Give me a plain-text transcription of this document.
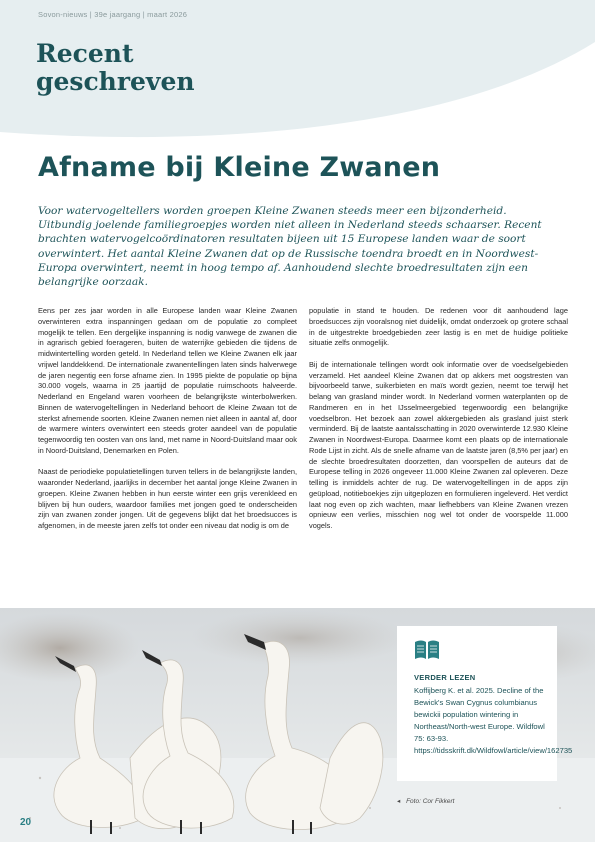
Sovon-nieuws | 39e jaargang | maart 2026
Recent
geschreven
Afname bij Kleine Zwanen

Voor watervogeltellers worden groepen Kleine Zwanen steeds meer een bijzonderheid. Uitbundig joelende familiegroepjes worden niet alleen in Nederland steeds schaarser. Recent brachten watervogelcoördinatoren resultaten bijeen uit 15 Europese landen waar de soort overwintert. Het aantal Kleine Zwanen dat op de Russische toendra broedt en in Noordwest-Europa overwintert, neemt in hoog tempo af. Aanhoudend slechte broedresultaten zijn een belangrijke oorzaak.

Eens per zes jaar worden in alle Europese landen waar Kleine Zwanen overwinteren extra inspanningen gedaan om de populatie zo compleet mogelijk te tellen. Een dergelijke inspanning is nodig vanwege de zwanen die in agrarisch gebied foerageren, buiten de waterrijke gebieden die tijdens de midwintertelling worden geteld. In Nederland tellen we Kleine Zwanen elk jaar vrijwel landdekkend. De internationale zwanentellingen laten sinds halverwege de jaren negentig een forse afname zien. In 1995 piekte de populatie op bijna 30.000 vogels, waarna in 25 jaartijd de populatie ruimschoots halveerde. Nederland en Engeland waren voorheen de belangrijkste winterbolwerken. Binnen de watervogeltellingen in Nederland behoort de Kleine Zwaan tot de sterkst afnemende soorten. Kleine Zwanen nemen niet alleen in aantal af, door de warmere winters overwintert een steeds groter aandeel van de populatie tegenwoordig ten oosten van ons land, met name in Noord-Duitsland maar ook in Noord-Duitsland, Denemarken en Polen.

Naast de periodieke populatietellingen turven tellers in de belangrijkste landen, waaronder Nederland, jaarlijks in december het aantal jonge Kleine Zwanen in groepen. Kleine Zwanen hebben in hun eerste winter een grijs verenkleed en blijven bij hun ouders, waardoor families met jongen goed te onderscheiden zijn van zwanen zonder jongen. Uit de gegevens blijkt dat het broedsucces is afgenomen, in de meeste jaren zelfs tot onder een niveau dat nodig is om de

populatie in stand te houden. De redenen voor dit aanhoudend lage broedsucces zijn vooralsnog niet duidelijk, omdat onderzoek op grotere schaal in de uitgestrekte broedgebieden zeer lastig is en met de huidige politieke situatie zelfs onmogelijk.

Bij de internationale tellingen wordt ook informatie over de voedselgebieden verzameld. Het aandeel Kleine Zwanen dat op akkers met oogstresten van bijvoorbeeld tarwe, suikerbieten en maïs wordt gezien, neemt toe terwijl het belang van grasland minder wordt. In Nederland vormen waterplanten op de Randmeren en in het IJsselmeergebied tegenwoordig een belangrijke voedselbron. Het bezoek aan zowel akkergebieden als grasland juist sterk verminderd. Bij de laatste aantalsschatting in 2020 overwinterde 12.930 Kleine Zwanen in Noordwest-Europa. Daarmee komt een plaats op de internationale Rode Lijst in zicht. Als de snelle afname van de laatste jaren (8,5% per jaar) en de slechte broedresultaten doorzetten, dan voorspellen de auteurs dat de Europese telling in 2026 ongeveer 11.000 Kleine Zwanen zal opleveren. Deze telling is inmiddels achter de rug. De watervogeltellingen in de apps zijn geüpload, notitieboekjes zijn uitgeplozen en formulieren ingeleverd. Het verdict laat nog even op zich wachten, maar liefhebbers van Kleine Zwanen vrezen opnieuw een verlies, misschien nog wel tot onder de voorspelde 11.000 vogels.

VERDER LEZEN
Koffijberg K. et al. 2025. Decline of the Bewick's Swan Cygnus columbianus bewickii population wintering in Northeast/North-west Europe. Wildfowl 75: 63-93. https://tidsskrift.dk/Wildfowl/article/view/162735
◂ Foto: Cor Fikkert
20
